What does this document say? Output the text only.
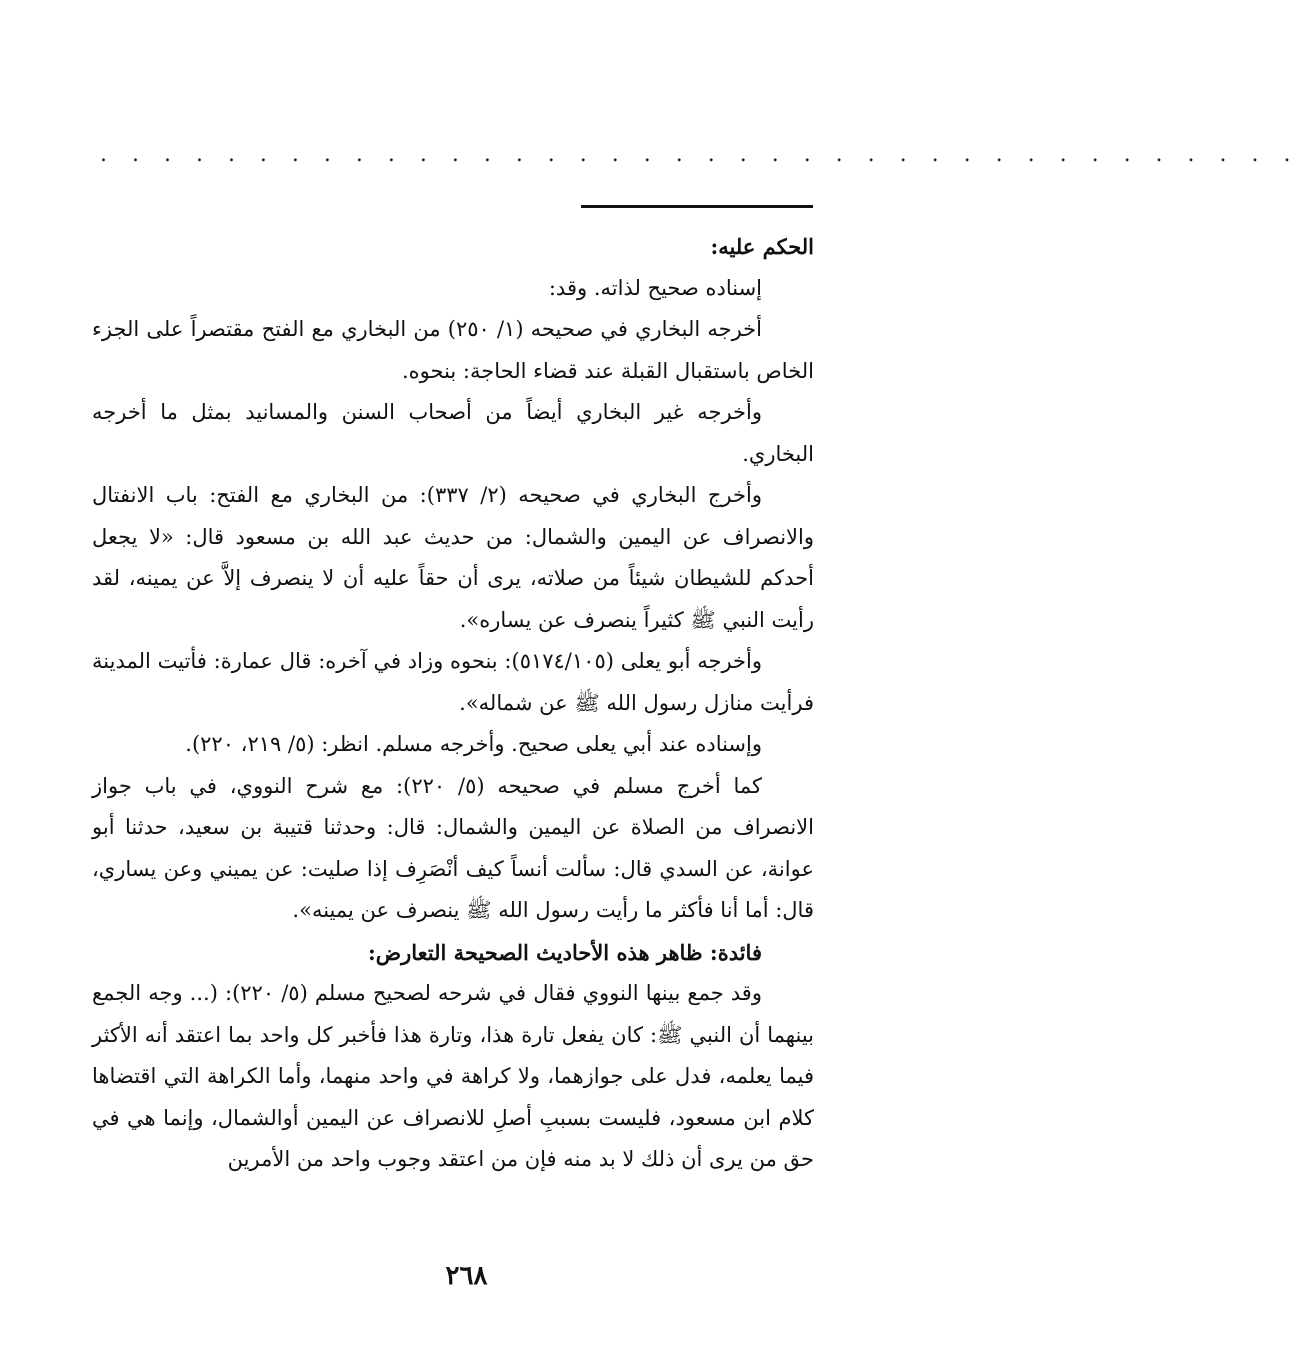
. . . . . . . . . . . . . . . . . . . . . . . . . . . . . . . . . . . . . .

الحكم عليه:

إسناده صحيح لذاته. وقد:

أخرجه البخاري في صحيحه (١/ ٢٥٠) من البخاري مع الفتح مقتصراً على الجزء الخاص باستقبال القبلة عند قضاء الحاجة: بنحوه.

وأخرجه غير البخاري أيضاً من أصحاب السنن والمسانيد بمثل ما أخرجه البخاري.

وأخرج البخاري في صحيحه (٢/ ٣٣٧): من البخاري مع الفتح: باب الانفتال والانصراف عن اليمين والشمال: من حديث عبد الله بن مسعود قال: «لا يجعل أحدكم للشيطان شيئاً من صلاته، يرى أن حقاً عليه أن لا ينصرف إلاَّ عن يمينه، لقد رأيت النبي ﷺ كثيراً ينصرف عن يساره».

وأخرجه أبو يعلى (٥١٧٤/١٠٥): بنحوه وزاد في آخره: قال عمارة: فأتيت المدينة فرأيت منازل رسول الله ﷺ عن شماله».

وإسناده عند أبي يعلى صحيح. وأخرجه مسلم. انظر: (٥/ ٢١٩، ٢٢٠).

كما أخرج مسلم في صحيحه (٥/ ٢٢٠): مع شرح النووي، في باب جواز الانصراف من الصلاة عن اليمين والشمال: قال: وحدثنا قتيبة بن سعيد، حدثنا أبو عوانة، عن السدي قال: سألت أنساً كيف أنْصَرِف إذا صليت: عن يميني وعن يساري، قال: أما أنا فأكثر ما رأيت رسول الله ﷺ ينصرف عن يمينه».

فائدة: ظاهر هذه الأحاديث الصحيحة التعارض:

وقد جمع بينها النووي فقال في شرحه لصحيح مسلم (٥/ ٢٢٠): (... وجه الجمع بينهما أن النبي ﷺ: كان يفعل تارة هذا، وتارة هذا فأخبر كل واحد بما اعتقد أنه الأكثر فيما يعلمه، فدل على جوازهما، ولا كراهة في واحد منهما، وأما الكراهة التي اقتضاها كلام ابن مسعود، فليست بسببِ أصلِ للانصراف عن اليمين أوالشمال، وإنما هي في حق من يرى أن ذلك لا بد منه فإن من اعتقد وجوب واحد من الأمرين

٢٦٨
